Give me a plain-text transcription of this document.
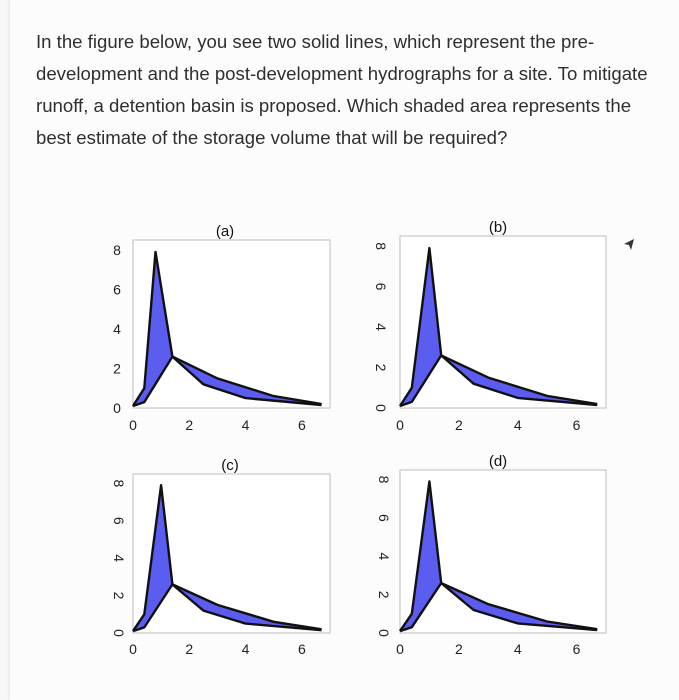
In the figure below, you see two solid lines, which represent the pre-development and the post-development hydrographs for a site. To mitigate runoff, a detention basin is proposed. Which shaded area represents the best estimate of the storage volume that will be required?

0	2	4	6
0
2
4
6
8
(a)
0	2	4	6
0
2
4
6
8
(b)
0	2	4	6
0
2
4
6
8
(c)
0	2	4	6
0
2
4
6
8
(d)
